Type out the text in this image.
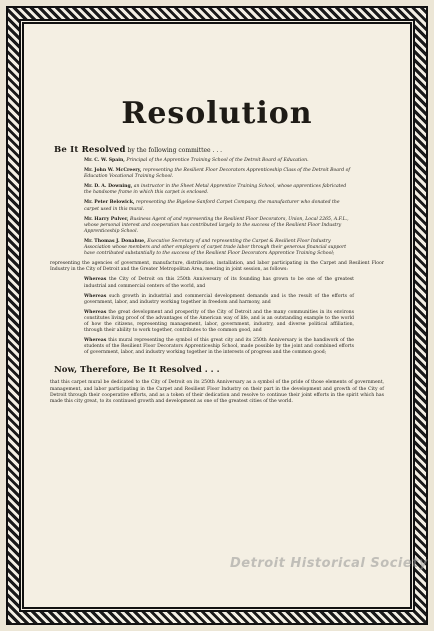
Resolution
Be It Resolved by the following committee . . .
Mr. C. W. Spain, Principal of the Apprentice Training School of the Detroit Board of Education.
Mr. John W. McCreery, representing the Resilient Floor Decorators Apprenticeship Class of the Detroit Board of Education Vocational Training School.
Mr. D. A. Downing, an instructor in the Sheet Metal Apprentice Training School, whose apprentices fabricated the handsome frame in which this carpet is enclosed.
Mr. Peter Belowick, representing the Bigelow-Sanford Carpet Company, the manufacturer who donated the carpet used in this mural.
Mr. Harry Pulver, Business Agent of and representing the Resilient Floor Decorators, Union, Local 2265, A.F.L., whose personal interest and cooperation has contributed largely to the success of the Resilient Floor Industry Apprenticeship School.
Mr. Thomas J. Donahue, Executive Secretary of and representing the Carpet & Resilient Floor Industry Association whose members and other employers of carpet trade labor through their generous financial support have contributed substantially to the success of the Resilient Floor Decorators Apprentice Training School;

representing the agencies of government, manufacture, distribution, installation, and labor participating in the Carpet and Resilient Floor Industry in the City of Detroit and the Greater Metropolitan Area, meeting in joint session, as follows:

Whereas the City of Detroit on this 250th Anniversary of its founding has grown to be one of the greatest industrial and commercial centers of the world, and

Whereas such growth in industrial and commercial development demands and is the result of the efforts of government, labor, and industry working together in freedom and harmony, and

Whereas the great development and prosperity of the City of Detroit and the many communities in its environs constitutes living proof of the advantages of the American way of life, and is an outstanding example to the world of how the citizens, representing management, labor, government, industry, and diverse political affiliation, through their ability to work together, contributes to the common good, and

Whereas this mural representing the symbol of this great city and its 250th Anniversary is the handiwork of the students of the Resilient Floor Decorators Apprenticeship School, made possible by the joint and combined efforts of government, labor, and industry working together in the interests of progress and the common good;

Now, Therefore, Be It Resolved . . .

that this carpet mural be dedicated to the City of Detroit on its 250th Anniversary as a symbol of the pride of those elements of government, management, and labor participating in the Carpet and Resilient Floor Industry on their part in the development and growth of the City of Detroit through their cooperative efforts, and as a token of their dedication and resolve to continue their joint efforts in the spirit which has made this city great, to its continued growth and development as one of the greatest cities of the world.

Detroit Historical Society
